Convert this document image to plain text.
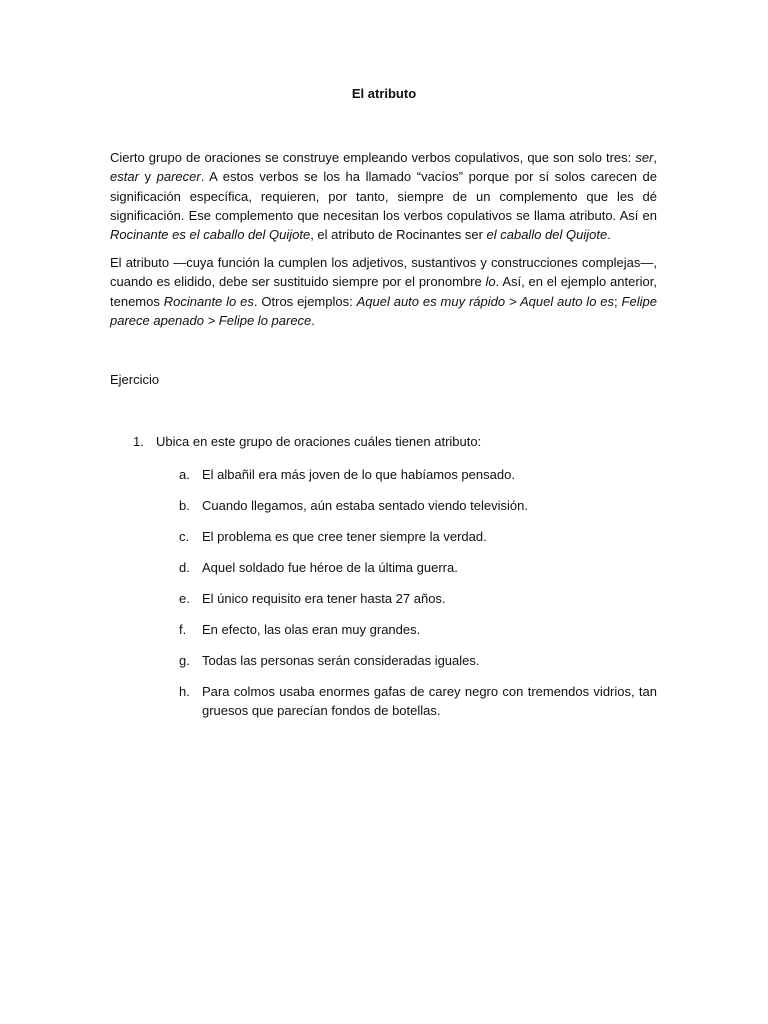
El atributo

Cierto grupo de oraciones se construye empleando verbos copulativos, que son solo tres: ser, estar y parecer. A estos verbos se los ha llamado “vacíos” porque por sí solos carecen de significación específica, requieren, por tanto, siempre de un complemento que les dé significación. Ese complemento que necesitan los verbos copulativos se llama atributo. Así en Rocinante es el caballo del Quijote, el atributo de Rocinantes ser el caballo del Quijote.

El atributo —cuya función la cumplen los adjetivos, sustantivos y construcciones complejas—, cuando es elidido, debe ser sustituido siempre por el pronombre lo. Así, en el ejemplo anterior, tenemos Rocinante lo es. Otros ejemplos: Aquel auto es muy rápido > Aquel auto lo es; Felipe parece apenado > Felipe lo parece.

Ejercicio
1. Ubica en este grupo de oraciones cuáles tienen atributo:
a. El albañil era más joven de lo que habíamos pensado.
b. Cuando llegamos, aún estaba sentado viendo televisión.
c. El problema es que cree tener siempre la verdad.
d. Aquel soldado fue héroe de la última guerra.
e. El único requisito era tener hasta 27 años.
f. En efecto, las olas eran muy grandes.
g. Todas las personas serán consideradas iguales.
h. Para colmos usaba enormes gafas de carey negro con tremendos vidrios, tan gruesos que parecían fondos de botellas.
